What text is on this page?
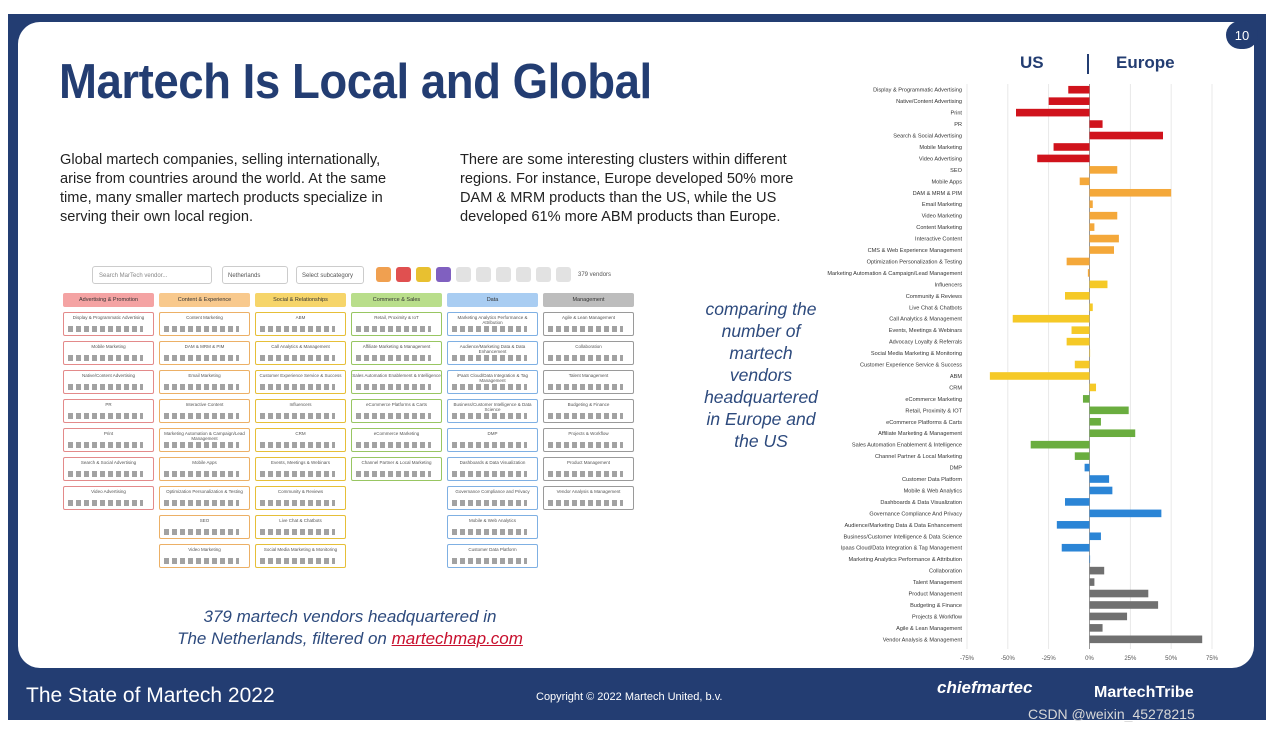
10
Martech Is Local and Global

Global martech companies, selling internationally, arise from countries around the world. At the same time, many smaller martech products specialize in serving their own local region.

There are some interesting clusters within different regions. For instance, Europe developed 50% more DAM & MRM products than the US, while the US developed 61% more ABM products than Europe.

Search MarTech vendor...	Netherlands	Select subcategory	379 vendors
Advertising & Promotion
Display & Programmatic Advertising
Mobile Marketing
Native/Content Advertising
PR
Print
Search & Social Advertising
Video Advertising
Content & Experience
Content Marketing
DAM & MRM & PIM
Email Marketing
Interactive Content
Marketing Automation & Campaign/Lead Management
Mobile Apps
Optimization Personalization & Testing
SEO
Video Marketing
Social & Relationships
ABM
Call Analytics & Management
Customer Experience Service & Success
Influencers
CRM
Events, Meetings & Webinars
Community & Reviews
Live Chat & Chatbots
Social Media Marketing & Monitoring
Commerce & Sales
Retail, Proximity & IoT
Affiliate Marketing & Management
Sales Automation Enablement & Intelligence
eCommerce Platforms & Carts
eCommerce Marketing
Channel Partner & Local Marketing
Data
Marketing Analytics Performance & Attribution
Audience/Marketing Data & Data Enhancement
iPaaS Cloud/Data Integration & Tag Management
Business/Customer Intelligence & Data Science
DMP
Dashboards & Data Visualization
Governance Compliance and Privacy
Mobile & Web Analytics
Customer Data Platform
Management
Agile & Lean Management
Collaboration
Talent Management
Budgeting & Finance
Projects & Workflow
Product Management
Vendor Analysis & Management

379 martech vendors headquartered in
The Netherlands, filtered on martechmap.com

comparing the number of martech vendors headquartered in Europe and the US

US	Europe
-75%	-50%	-25%	0%	25%	50%	75%
Display & Programmatic Advertising
Native/Content Advertising
Print
PR
Search & Social Advertising
Mobile Marketing
Video Advertising
SEO
Mobile Apps
DAM & MRM & PIM
Email Marketing
Video Marketing
Content Marketing
Interactive Content
CMS & Web Experience Management
Optimization Personalization & Testing
Marketing Automation & Campaign/Lead Management
Influencers
Community & Reviews
Live Chat & Chatbots
Call Analytics & Management
Events, Meetings & Webinars
Advocacy Loyalty & Referrals
Social Media Marketing & Monitoring
Customer Experience Service & Success
ABM
CRM
eCommerce Marketing
Retail, Proximity & IOT
eCommerce Platforms & Carts
Affiliate Marketing & Management
Sales Automation Enablement & Intelligence
Channel Partner & Local Marketing
DMP
Customer Data Platform
Mobile & Web Analytics
Dashboards & Data Visualization
Governance Compliance And Privacy
Audience/Marketing Data & Data Enhancement
Business/Customer Intelligence & Data Science
Ipaas Cloud/Data Integration & Tag Management
Marketing Analytics Performance & Attribution
Collaboration
Talent Management
Product Management
Budgeting & Finance
Projects & Workflow
Agile & Lean Management
Vendor Analysis & Management
The State of Martech 2022	Copyright © 2022 Martech United, b.v.	chiefmartec	MartechTribe
CSDN @weixin_45278215
